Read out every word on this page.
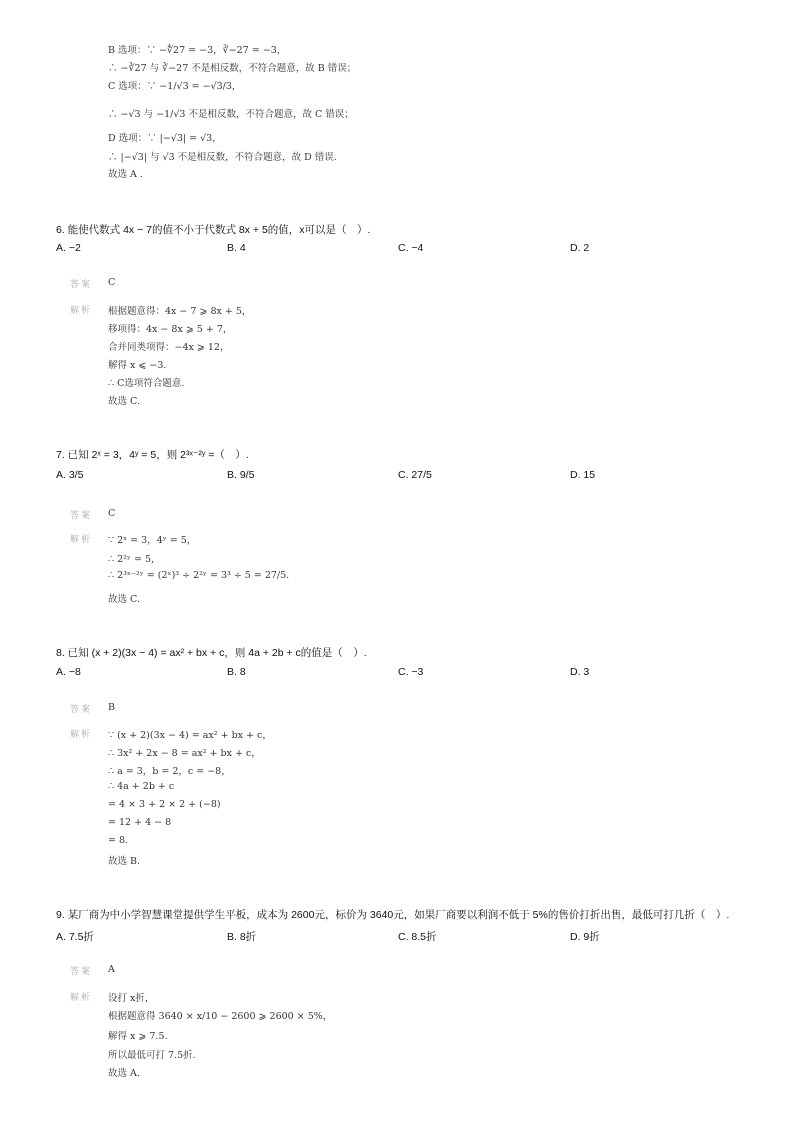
B 选项：∵ −∜27 = −3，∛−27 = −3，
∴ −∛27 与 ∛−27 不是相反数，不符合题意，故 B 错误；
C 选项：∵ −1/√3 = −√3/3，
∴ −√3 与 −1/√3 不是相反数，不符合题意，故 C 错误；
D 选项：∵ |−√3| = √3，
∴ |−√3| 与 √3 不是相反数，不符合题意，故 D 错误.
故选 A .
6. 能使代数式 4x − 7的值不小于代数式 8x + 5的值，x可以是（　）.
A. −2	B. 4	C. −4	D. 2
答案 C
解析 根据题意得：4x − 7 ⩾ 8x + 5，
移项得：4x − 8x ⩾ 5 + 7，
合并同类项得：−4x ⩾ 12，
解得 x ⩽ −3.
∴ C选项符合题意.
故选 C.
7. 已知 2ˣ = 3，4ʸ = 5，则 2³ˣ⁻²ʸ =（　）.
A. 3/5	B. 9/5	C. 27/5	D. 15
答案 C
解析 ∵ 2ˣ = 3，4ʸ = 5，
∴ 2²ʸ = 5，
∴ 2³ˣ⁻²ʸ = (2ˣ)³ ÷ 2²ʸ = 3³ ÷ 5 = 27/5.
故选 C.
8. 已知 (x + 2)(3x − 4) = ax² + bx + c，则 4a + 2b + c的值是（　）.
A. −8	B. 8	C. −3	D. 3
答案 B
解析 ∵ (x + 2)(3x − 4) = ax² + bx + c，
∴ 3x² + 2x − 8 = ax² + bx + c，
∴ a = 3，b = 2，c = −8，
∴ 4a + 2b + c
= 4 × 3 + 2 × 2 + (−8)
= 12 + 4 − 8
= 8.
故选 B.
9. 某厂商为中小学智慧课堂提供学生平板，成本为 2600元，标价为 3640元，如果厂商要以利润不低于 5%的售价打折出售，最低可打几折（　）.
A. 7.5折	B. 8折	C. 8.5折	D. 9折
答案 A
解析 设打 x折，
根据题意得 3640 × x/10 − 2600 ⩾ 2600 × 5%，
解得 x ⩾ 7.5.
所以最低可打 7.5折.
故选 A.
